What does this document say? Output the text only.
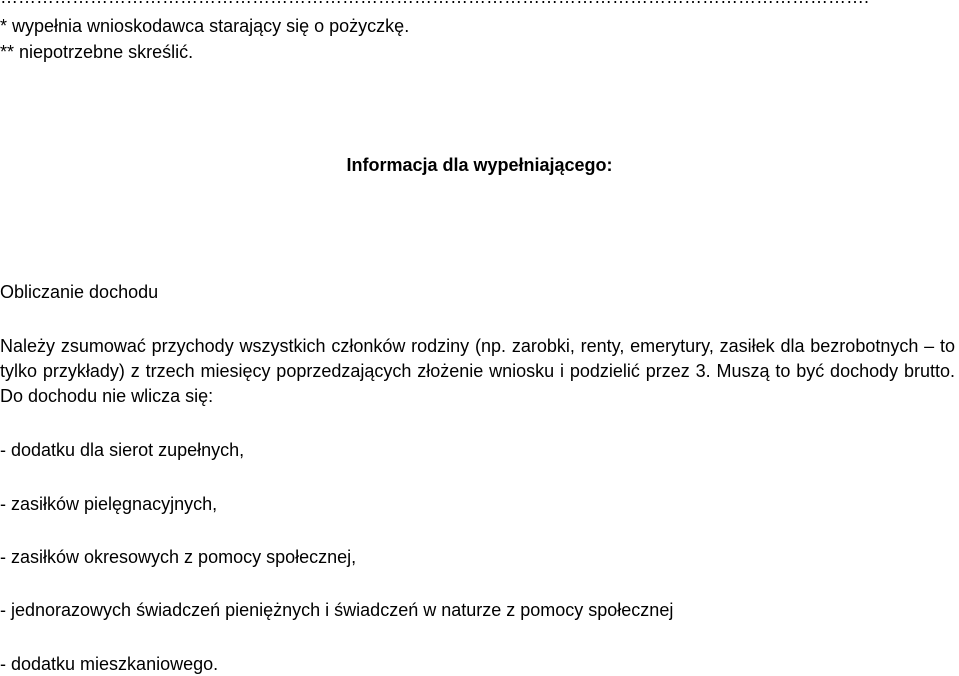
* wypełnia wnioskodawca starający się o pożyczkę.
** niepotrzebne skreślić.
Informacja dla wypełniającego:
Obliczanie dochodu
Należy zsumować przychody wszystkich członków rodziny (np. zarobki, renty, emerytury, zasiłek dla bezrobotnych – to tylko przykłady) z trzech miesięcy poprzedzających złożenie wniosku i podzielić przez 3. Muszą to być dochody brutto. Do dochodu nie wlicza się:
- dodatku dla sierot zupełnych,
- zasiłków pielęgnacyjnych,
- zasiłków okresowych z pomocy społecznej,
- jednorazowych świadczeń pieniężnych i świadczeń w naturze z pomocy społecznej
- dodatku mieszkaniowego.
